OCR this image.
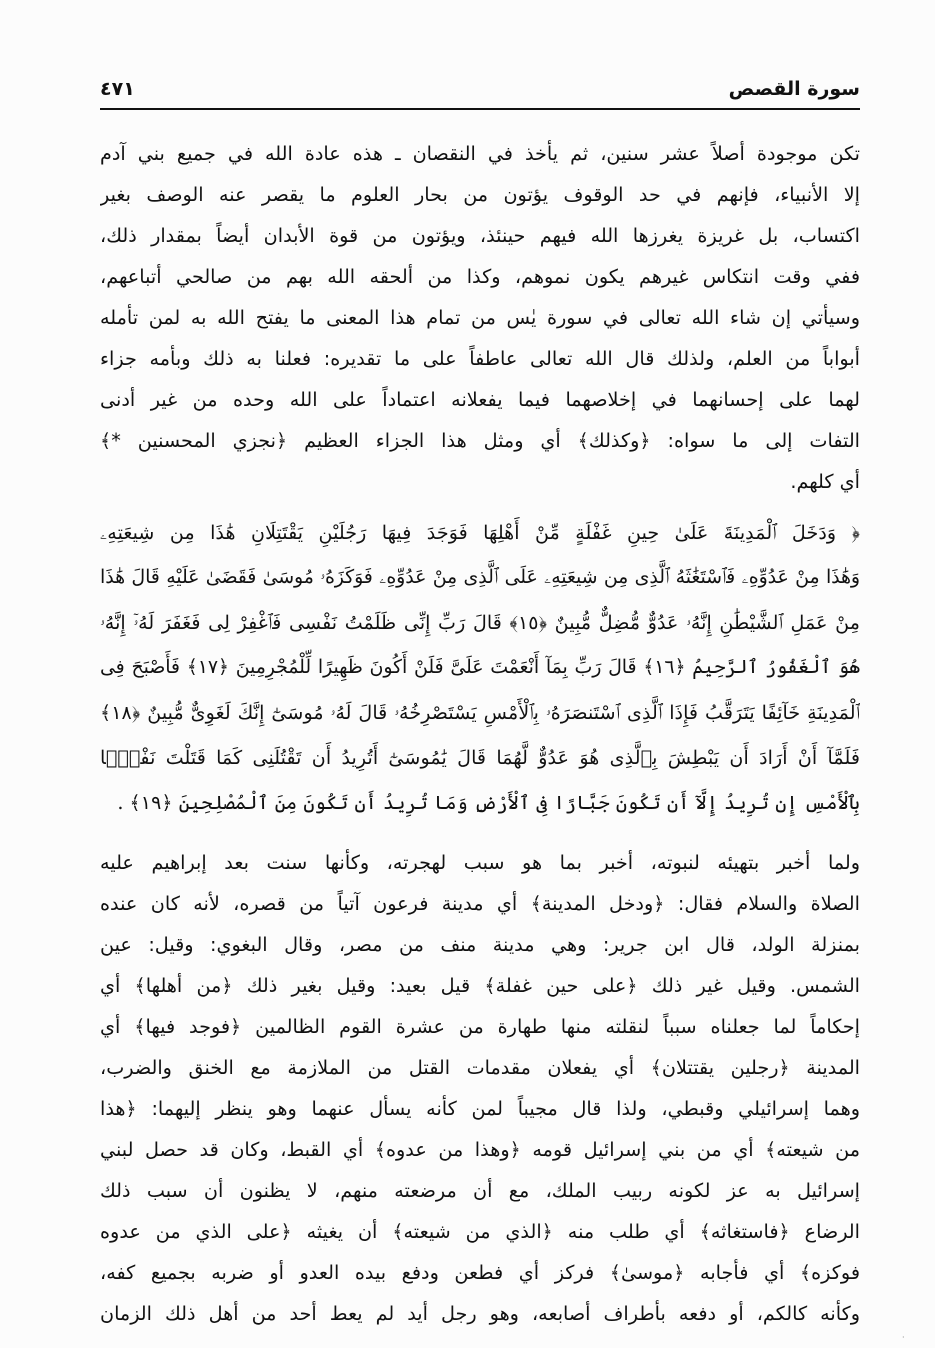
سورة القصص
٤٧١
تكن موجودة أصلاً عشر سنين، ثم يأخذ في النقصان ـ هذه عادة الله في جميع بني آدم
إلا الأنبياء، فإنهم في حد الوقوف يؤتون من بحار العلوم ما يقصر عنه الوصف بغير
اكتساب، بل غريزة يغرزها الله فيهم حينئذ، ويؤتون من قوة الأبدان أيضاً بمقدار ذلك،
ففي وقت انتكاس غيرهم يكون نموهم، وكذا من ألحقه الله بهم من صالحي أتباعهم،
وسيأتي إن شاء الله تعالى في سورة يٰس من تمام هذا المعنى ما يفتح الله به لمن تأمله
أبواباً من العلم، ولذلك قال الله تعالى عاطفاً على ما تقديره: فعلنا به ذلك وبأمه جزاء
لهما على إحسانهما في إخلاصهما فيما يفعلانه اعتماداً على الله وحده من غير أدنى
التفات إلى ما سواه: ﴿وكذلك﴾ أي ومثل هذا الجزاء العظيم ﴿نجزي المحسنين *﴾
أي كلهم.
﴿ وَدَخَلَ ٱلْمَدِينَةَ عَلَىٰ حِينِ غَفْلَةٍ مِّنْ أَهْلِهَا فَوَجَدَ فِيهَا رَجُلَيْنِ يَقْتَتِلَانِ هَٰذَا مِن شِيعَتِهِۦ
وَهَٰذَا مِنْ عَدُوِّهِۦ فَٱسْتَغَٰثَهُ ٱلَّذِى مِن شِيعَتِهِۦ عَلَى ٱلَّذِى مِنْ عَدُوِّهِۦ فَوَكَزَهُۥ مُوسَىٰ فَقَضَىٰ عَلَيْهِ قَالَ هَٰذَا
مِنْ عَمَلِ ٱلشَّيْطَٰنِ إِنَّهُۥ عَدُوٌّ مُّضِلٌّ مُّبِينٌ ﴿١٥﴾ قَالَ رَبِّ إِنِّى ظَلَمْتُ نَفْسِى فَٱغْفِرْ لِى فَغَفَرَ لَهُۥٓ إِنَّهُۥ
هُوَ ٱلْغَفُورُ ٱلرَّحِيمُ ﴿١٦﴾ قَالَ رَبِّ بِمَآ أَنْعَمْتَ عَلَىَّ فَلَنْ أَكُونَ ظَهِيرًا لِّلْمُجْرِمِينَ ﴿١٧﴾ فَأَصْبَحَ فِى
ٱلْمَدِينَةِ خَآئِفًا يَتَرَقَّبُ فَإِذَا ٱلَّذِى ٱسْتَنصَرَهُۥ بِٱلْأَمْسِ يَسْتَصْرِخُهُۥ قَالَ لَهُۥ مُوسَىٰٓ إِنَّكَ لَغَوِىٌّ مُّبِينٌ ﴿١٨﴾
فَلَمَّآ أَنْ أَرَادَ أَن يَبْطِشَ بِٱلَّذِى هُوَ عَدُوٌّ لَّهُمَا قَالَ يَٰمُوسَىٰٓ أَتُرِيدُ أَن تَقْتُلَنِى كَمَا قَتَلْتَ نَفْسًۢا
بِٱلْأَمْسِ إِن تُرِيدُ إِلَّآ أَن تَكُونَ جَبَّارًا فِى ٱلْأَرْضِ وَمَا تُرِيدُ أَن تَكُونَ مِنَ ٱلْمُصْلِحِينَ ﴿١٩﴾ .
ولما أخبر بتهيئه لنبوته، أخبر بما هو سبب لهجرته، وكأنها سنت بعد إبراهيم عليه
الصلاة والسلام فقال: ﴿ودخل المدينة﴾ أي مدينة فرعون آتياً من قصره، لأنه كان عنده
بمنزلة الولد، قال ابن جرير: وهي مدينة منف من مصر، وقال البغوي: وقيل: عين
الشمس. وقيل غير ذلك ﴿على حين غفلة﴾ قيل بعيد: وقيل بغير ذلك ﴿من أهلها﴾ أي
إحكاماً لما جعلناه سبباً لنقلته منها طهارة من عشرة القوم الظالمين ﴿فوجد فيها﴾ أي
المدينة ﴿رجلين يقتتلان﴾ أي يفعلان مقدمات القتل من الملازمة مع الخنق والضرب،
وهما إسرائيلي وقبطي، ولذا قال مجيباً لمن كأنه يسأل عنهما وهو ينظر إليهما: ﴿هذا
من شيعته﴾ أي من بني إسرائيل قومه ﴿وهذا من عدوه﴾ أي القبط، وكان قد حصل لبني
إسرائيل به عز لكونه ربيب الملك، مع أن مرضعته منهم، لا يظنون أن سبب ذلك
الرضاع ﴿فاستغاثه﴾ أي طلب منه ﴿الذي من شيعته﴾ أن يغيثه ﴿على الذي من عدوه
فوكزه﴾ أي فأجابه ﴿موسىٰ﴾ فركز أي فطعن ودفع بيده العدو أو ضربه بجميع كفه،
وكأنه كالكم، أو دفعه بأطراف أصابعه، وهو رجل أيد لم يعط أحد من أهل ذلك الزمان
·
